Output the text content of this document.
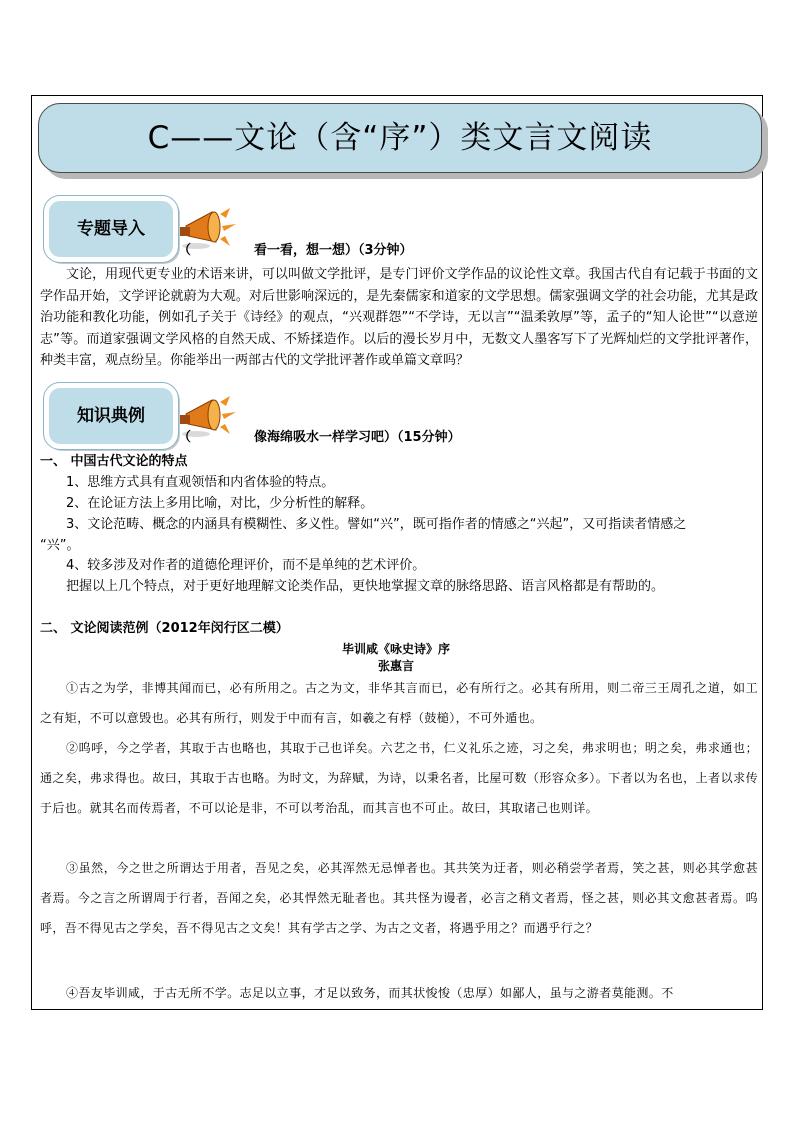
C——文论（含“序”）类文言文阅读
专题导入
（	看一看，想一想）（3分钟）
文论，用现代更专业的术语来讲，可以叫做文学批评，是专门评价文学作品的议论性文章。我国古代自有记载于书面的文学作品开始，文学评论就蔚为大观。对后世影响深远的，是先秦儒家和道家的文学思想。儒家强调文学的社会功能，尤其是政治功能和教化功能，例如孔子关于《诗经》的观点，“兴观群怨”“不学诗，无以言”“温柔敦厚”等，孟子的“知人论世”“以意逆志”等。而道家强调文学风格的自然天成、不矫揉造作。以后的漫长岁月中，无数文人墨客写下了光辉灿烂的文学批评著作，种类丰富，观点纷呈。你能举出一两部古代的文学批评著作或单篇文章吗？
知识典例
（	像海绵吸水一样学习吧）（15分钟）
一、 中国古代文论的特点
1、思维方式具有直观领悟和内省体验的特点。
2、在论证方法上多用比喻，对比，少分析性的解释。
3、文论范畴、概念的内涵具有模糊性、多义性。譬如“兴”，既可指作者的情感之“兴起”，又可指读者情感之
“兴”。
4、较多涉及对作者的道德伦理评价，而不是单纯的艺术评价。
把握以上几个特点，对于更好地理解文论类作品，更快地掌握文章的脉络思路、语言风格都是有帮助的。
二、 文论阅读范例（2012年闵行区二模）
毕训咸《咏史诗》序
张惠言
①古之为学，非博其闻而已，必有所用之。古之为文，非华其言而已，必有所行之。必其有所用，则二帝三王周孔之道，如工之有矩，不可以意毁也。必其有所行，则发于中而有言，如羲之有桴（鼓槌），不可外遁也。
②呜呼，今之学者，其取于古也略也，其取于己也详矣。六艺之书，仁义礼乐之迹，习之矣，弗求明也；明之矣，弗求通也；通之矣，弗求得也。故曰，其取于古也略。为时文，为辞赋，为诗，以秉名者，比屋可数（形容众多）。下者以为名也，上者以求传于后也。就其名而传焉者，不可以论是非，不可以考治乱，而其言也不可止。故曰，其取诸己也则详。
③虽然，今之世之所谓达于用者，吾见之矣，必其浑然无忌惮者也。其共笑为迂者，则必稍尝学者焉，笑之甚，则必其学愈甚者焉。今之言之所谓周于行者，吾闻之矣，必其悍然无耻者也。其共怪为谩者，必言之稍文者焉，怪之甚，则必其文愈甚者焉。呜呼，吾不得见古之学矣，吾不得见古之文矣！其有学古之学、为古之文者，将遇乎用之？而遇乎行之？
④吾友毕训咸，于古无所不学。志足以立事，才足以致务，而其状悛悛（忠厚）如鄙人，虽与之游者莫能测。不
